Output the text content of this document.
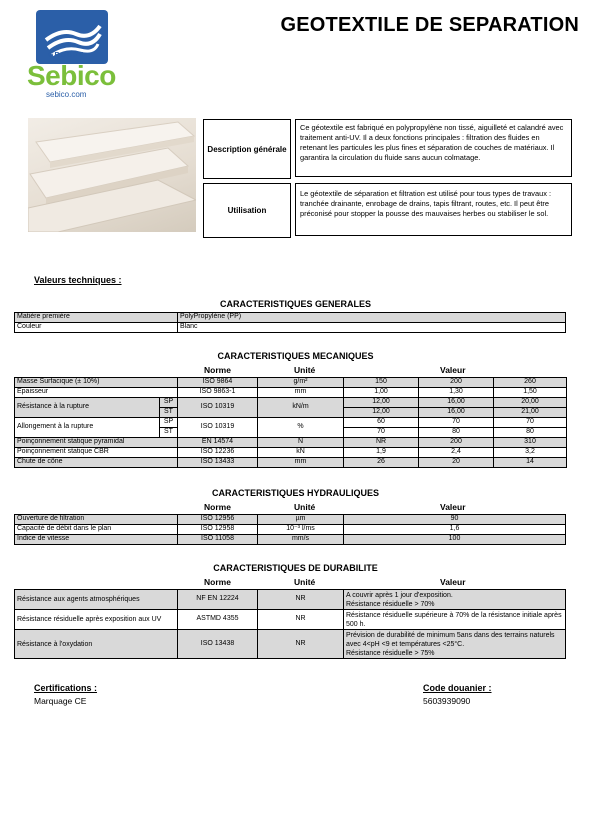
GROUPE
Sebico
sebico.com
GEOTEXTILE DE SEPARATION
Description générale
Ce géotextile est fabriqué en polypropylène non tissé, aiguilleté et calandré avec traitement anti-UV. Il a deux fonctions principales : filtration des fluides en retenant les particules les plus fines et séparation de couches de matériaux. Il garantira la circulation du fluide sans aucun colmatage.
Utilisation
Le géotextile de séparation et filtration est utilisé pour tous types de travaux : tranchée drainante, enrobage de drains, tapis filtrant, routes, etc. Il peut être préconisé pour stopper la pousse des mauvaises herbes ou stabiliser le sol.
Valeurs techniques :
CARACTERISTIQUES GENERALES
Matière première	PolyPropylène (PP)
Couleur	Blanc
CARACTERISTIQUES MECANIQUES
Norme	Unité	Valeur
Masse Surfacique (± 10%)		ISO 9864	g/m²	150	200	260
Epaisseur		ISO 9863-1	mm	1,00	1,30	1,50
Résistance à la rupture	SP	ISO 10319	kN/m	12,00	16,00	20,00
	ST			12,00	16,00	21,00
Allongement à la rupture	SP	ISO 10319	%	60	70	70
	ST			70	80	80
Poinçonnement statique pyramidal		EN 14574	N	NR	200	310
Poinçonnement statique CBR		ISO 12236	kN	1,9	2,4	3,2
Chute de cône		ISO 13433	mm	26	20	14
CARACTERISTIQUES HYDRAULIQUES
Norme	Unité	Valeur
Ouverture de filtration	ISO 12956	µm	90
Capacité de débit dans le plan	ISO 12958	10⁻³ l/ms	1,6
Indice de vitesse	ISO 11058	mm/s	100
CARACTERISTIQUES DE DURABILITE
Norme	Unité	Valeur
Résistance aux agents atmosphériques	NF EN 12224	NR	A couvrir après 1 jour d'exposition.
Résistance résiduelle > 70%
Résistance résiduelle après exposition aux UV	ASTMD 4355	NR	Résistance résiduelle supérieure à 70% de la résistance initiale après 500 h.
Résistance à l'oxydation	ISO 13438	NR	Prévision de durabilité de minimum 5ans dans des terrains naturels avec 4<pH <9 et températures <25°C.
Résistance résiduelle > 75%
Certifications :
Marquage CE
Code douanier :
5603939090
